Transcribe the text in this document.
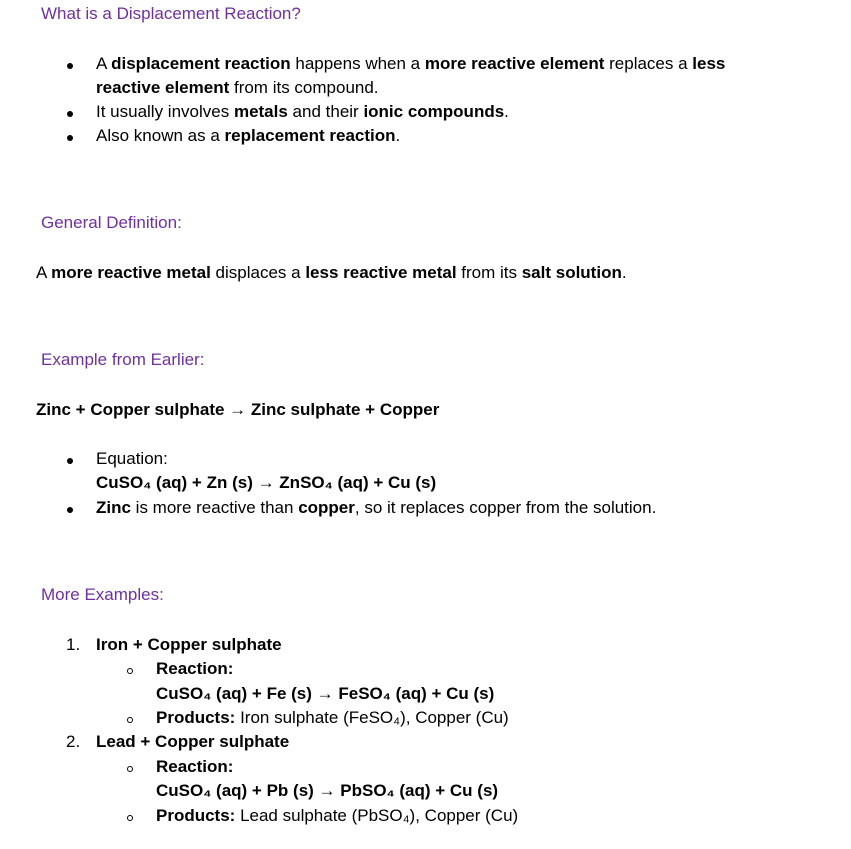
What is a Displacement Reaction?
A displacement reaction happens when a more reactive element replaces a less
reactive element from its compound.
It usually involves metals and their ionic compounds.
Also known as a replacement reaction.
General Definition:
A more reactive metal displaces a less reactive metal from its salt solution.
Example from Earlier:
Zinc + Copper sulphate → Zinc sulphate + Copper
Equation:
CuSO₄ (aq) + Zn (s) → ZnSO₄ (aq) + Cu (s)
Zinc is more reactive than copper, so it replaces copper from the solution.
More Examples:
1. Iron + Copper sulphate
Reaction:
CuSO₄ (aq) + Fe (s) → FeSO₄ (aq) + Cu (s)
Products: Iron sulphate (FeSO₄), Copper (Cu)
2. Lead + Copper sulphate
Reaction:
CuSO₄ (aq) + Pb (s) → PbSO₄ (aq) + Cu (s)
Products: Lead sulphate (PbSO₄), Copper (Cu)
